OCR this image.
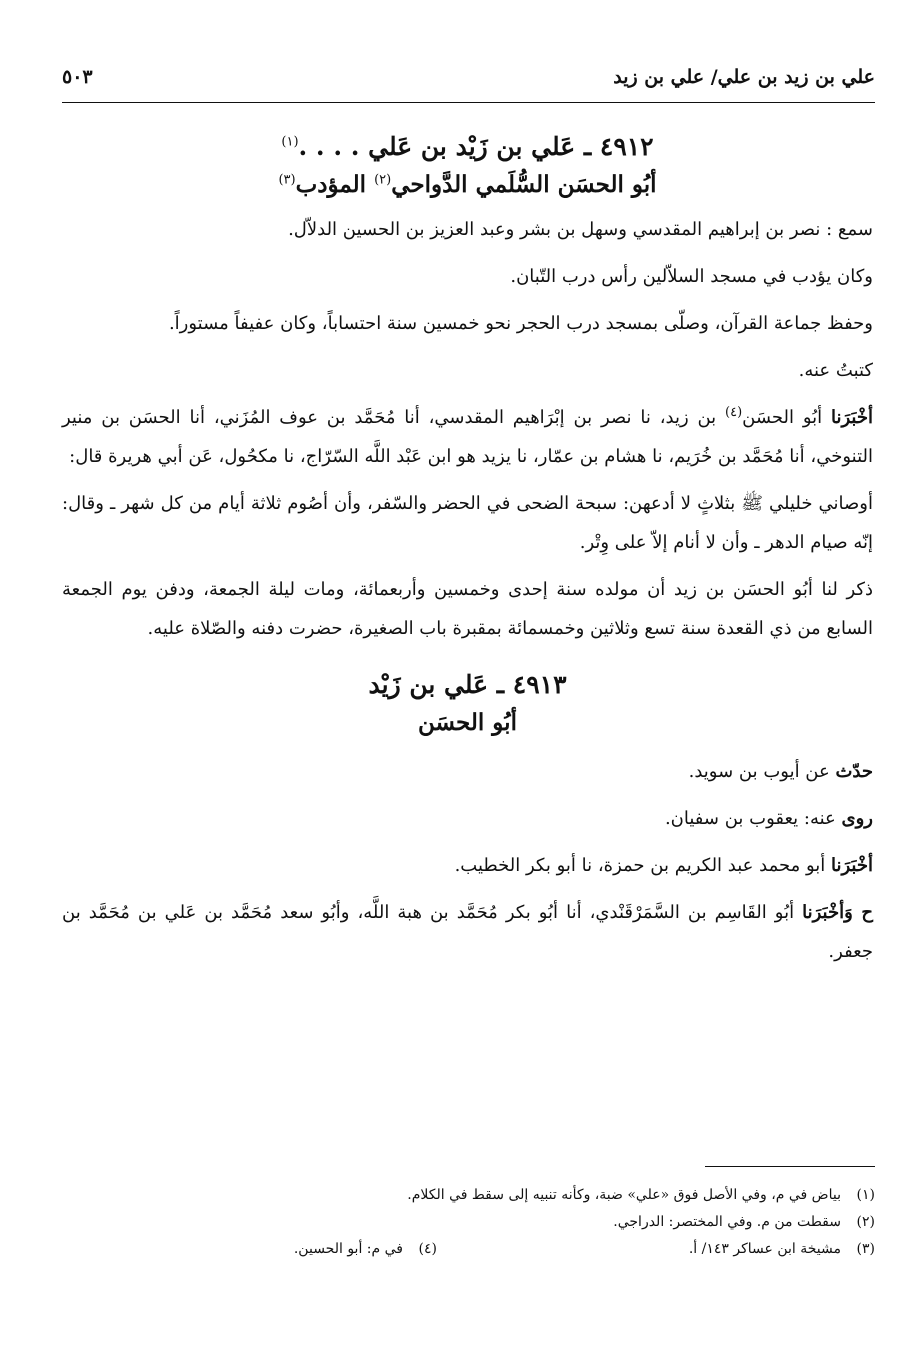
علي بن زيد بن علي/ علي بن زيد
٥٠٣
٤٩١٢ ـ عَلي بن زَيْد بن عَلي . . . .$^{(١)}$
أبُو الحسَن السُّلَمي الدَّواحي$^{(٢)}$ المؤدب$^{(٣)}$

سمع : نصر بن إبراهيم المقدسي وسهل بن بشر وعبد العزيز بن الحسين الدلاّل.

وكان يؤدب في مسجد السلاّلين رأس درب التّبان.

وحفظ جماعة القرآن، وصلّى بمسجد درب الحجر نحو خمسين سنة احتساباً، وكان عفيفاً مستوراً.

كتبتُ عنه.

أخْبَرَنا أبُو الحسَن$^{(٤)}$ بن زيد، نا نصر بن إبْرَاهيم المقدسي، أنا مُحَمَّد بن عوف المُزَني، أنا الحسَن بن منير التنوخي، أنا مُحَمَّد بن خُرَيم، نا هشام بن عمّار، نا يزيد هو ابن عَبْد اللَّه السّرّاج، نا مكحُول، عَن أبي هريرة قال:

أوصاني خليلي ﷺ بثلاثٍ لا أدعهن: سبحة الضحى في الحضر والسّفر، وأن أصُوم ثلاثة أيام من كل شهر ـ وقال: إنّه صيام الدهر ـ وأن لا أنام إلاّ على وِتْر.

ذكر لنا أبُو الحسَن بن زيد أن مولده سنة إحدى وخمسين وأربعمائة، ومات ليلة الجمعة، ودفن يوم الجمعة السابع من ذي القعدة سنة تسع وثلاثين وخمسمائة بمقبرة باب الصغيرة، حضرت دفنه والصّلاة عليه.

٤٩١٣ ـ عَلي بن زَيْد
أبُو الحسَن

حدّث عن أيوب بن سويد.

روى عنه: يعقوب بن سفيان.

أخْبَرَنا أبو محمد عبد الكريم بن حمزة، نا أبو بكر الخطيب.

ح وَأخْبَرَنا أبُو القَاسِم بن السَّمَرْقَنْدي، أنا أبُو بكر مُحَمَّد بن هبة اللَّه، وأبُو سعد مُحَمَّد بن عَلي بن مُحَمَّد بن جعفر.

(١)بياض في م، وفي الأصل فوق «علي» ضبة، وكأنه تنبيه إلى سقط في الكلام.
(٢)سقطت من م. وفي المختصر: الدراجي.
(٣)مشيخة ابن عساكر ١٤٣/ أ.
(٤)في م: أبو الحسين.
